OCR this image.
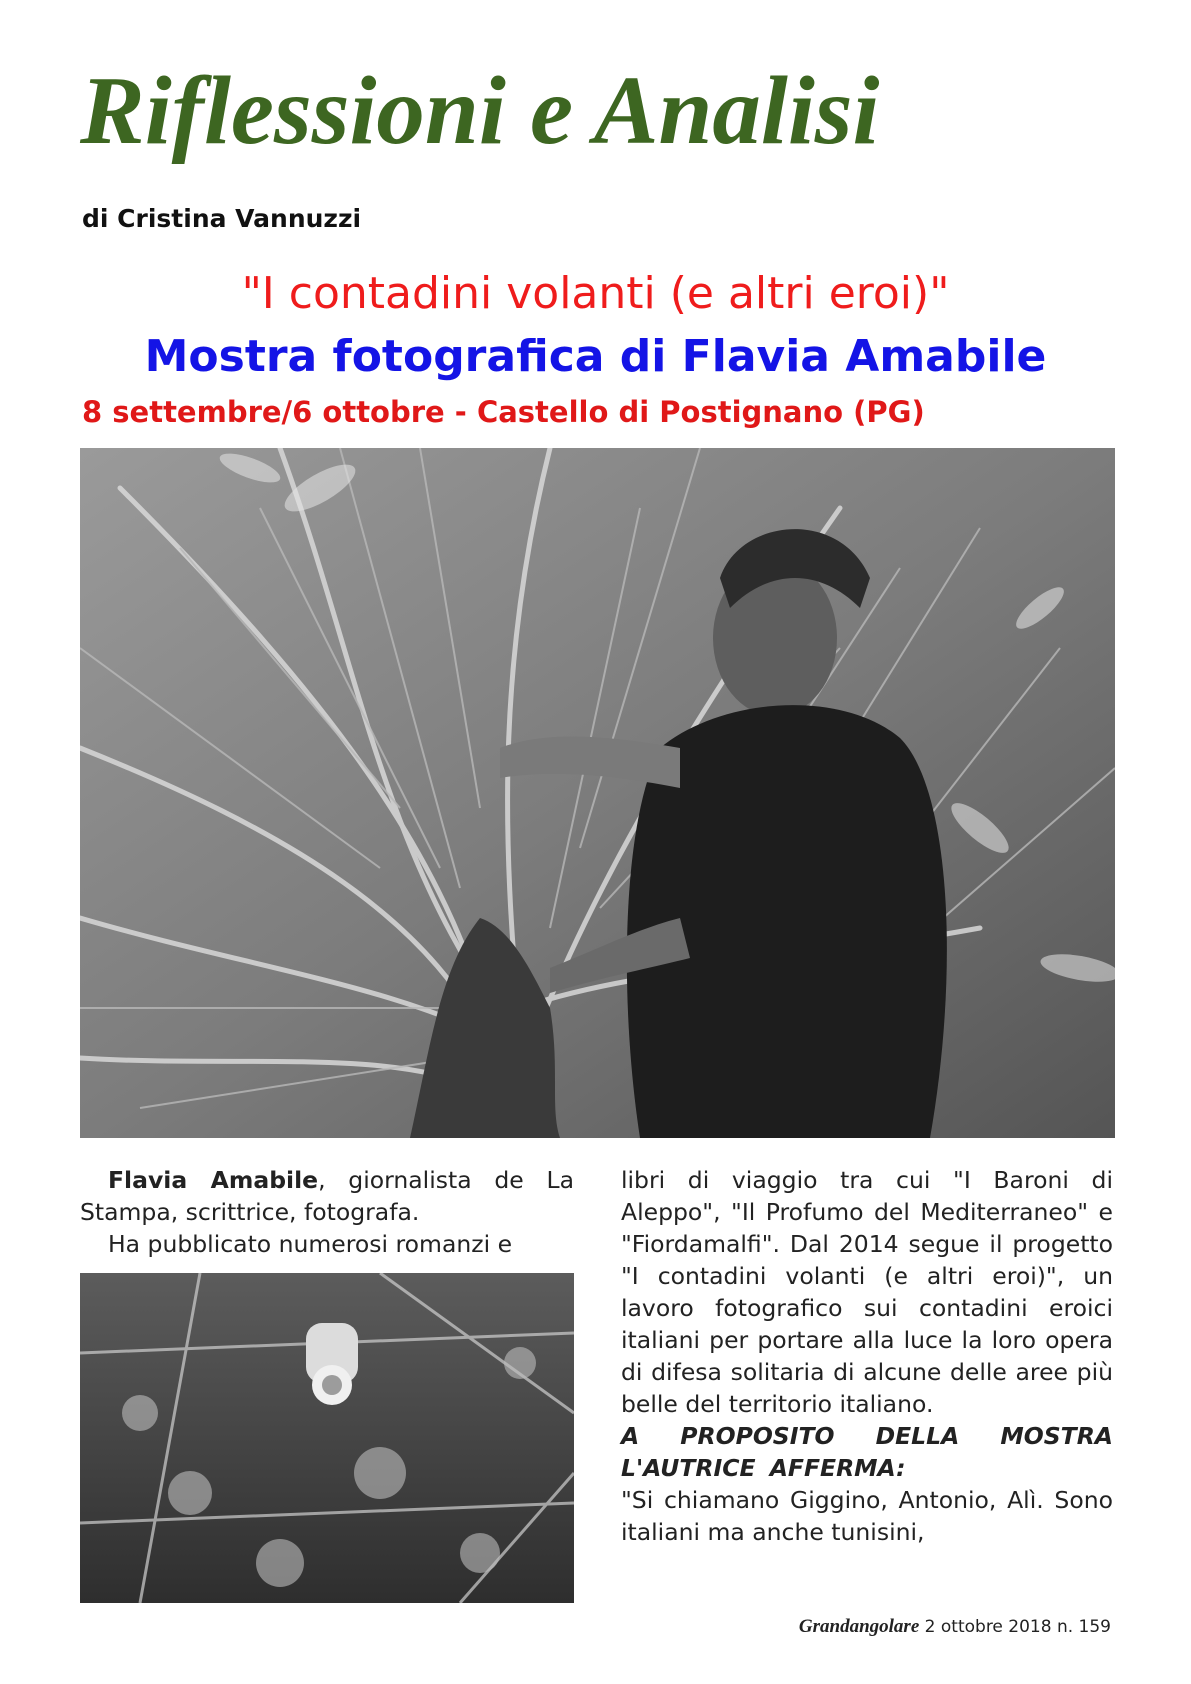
Riflessioni e Analisi
di Cristina Vannuzzi
"I contadini volanti (e altri eroi)"
Mostra fotografica di Flavia Amabile
8 settembre/6 ottobre - Castello di Postignano (PG)

Flavia Amabile, giornalista de La Stampa, scrittrice, fotografa.

Ha pubblicato numerosi romanzi e

libri di viaggio tra cui "I Baroni di Aleppo", "Il Profumo del Mediterraneo" e "Fiordamalfi". Dal 2014 segue il progetto "I contadini volanti (e altri eroi)", un lavoro fotografico sui contadini eroici italiani per portare alla luce la loro opera di difesa solitaria di alcune delle aree più belle del territorio italiano.

A PROPOSITO DELLA MOSTRA L'AUTRICE AFFERMA:

"Si chiamano Giggino, Antonio, Alì. Sono italiani ma anche tunisini,

Grandangolare 2 ottobre 2018 n. 159
